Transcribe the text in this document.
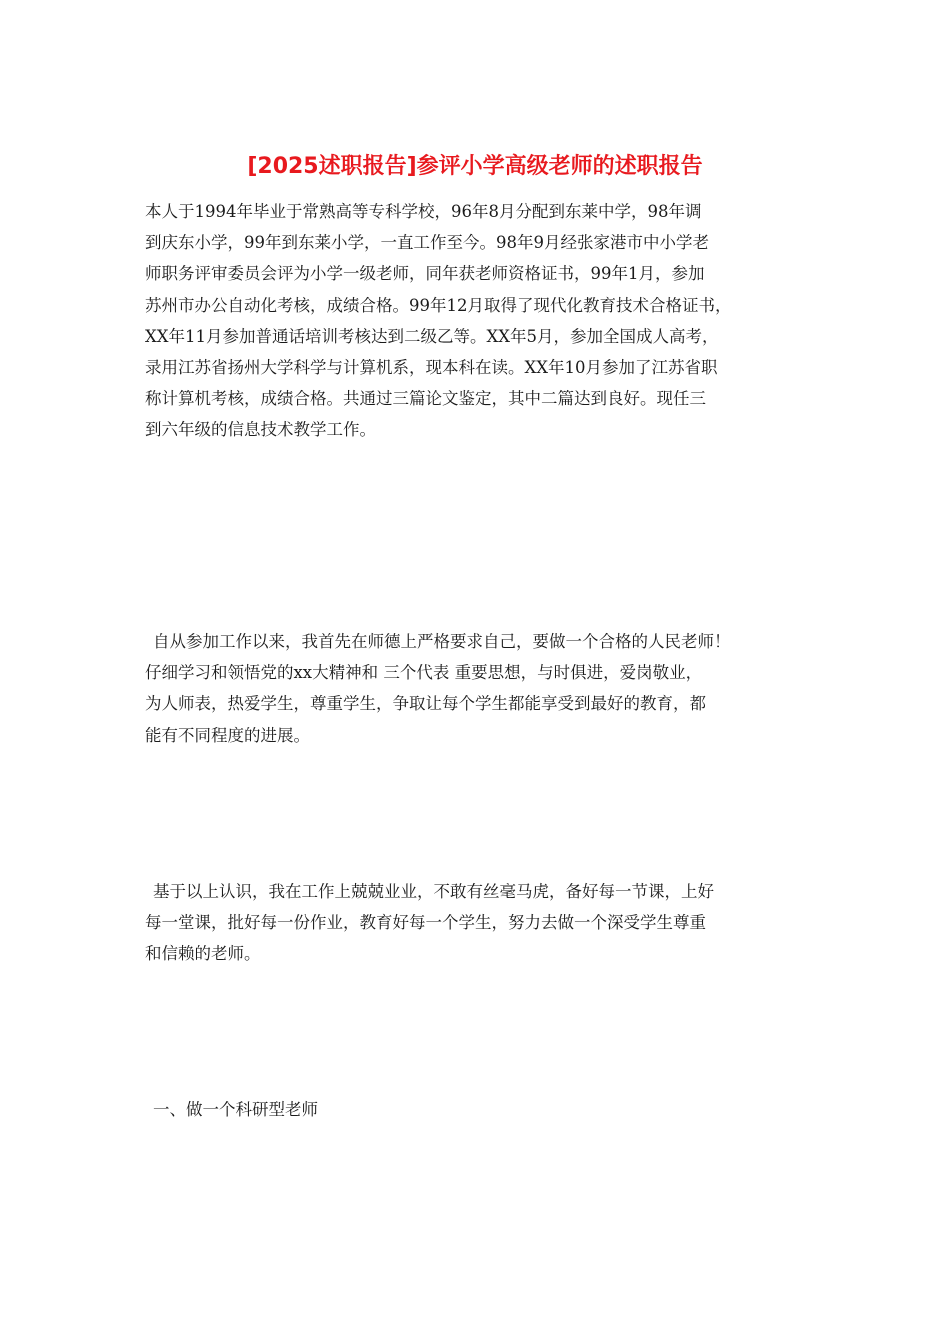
[2025述职报告]参评小学高级老师的述职报告

本人于1994年毕业于常熟高等专科学校，96年8月分配到东莱中学，98年调
到庆东小学，99年到东莱小学，一直工作至今。98年9月经张家港市中小学老
师职务评审委员会评为小学一级老师，同年获老师资格证书，99年1月，参加
苏州市办公自动化考核，成绩合格。99年12月取得了现代化教育技术合格证书，
XX年11月参加普通话培训考核达到二级乙等。XX年5月，参加全国成人高考，
录用江苏省扬州大学科学与计算机系，现本科在读。XX年10月参加了江苏省职
称计算机考核，成绩合格。共通过三篇论文鉴定，其中二篇达到良好。现任三
到六年级的信息技术教学工作。

自从参加工作以来，我首先在师德上严格要求自己，要做一个合格的人民老师！
仔细学习和领悟党的xx大精神和 三个代表 重要思想，与时俱进，爱岗敬业，
为人师表，热爱学生，尊重学生，争取让每个学生都能享受到最好的教育，都
能有不同程度的进展。

基于以上认识，我在工作上兢兢业业，不敢有丝毫马虎，备好每一节课，上好
每一堂课，批好每一份作业，教育好每一个学生，努力去做一个深受学生尊重
和信赖的老师。

一、做一个科研型老师
